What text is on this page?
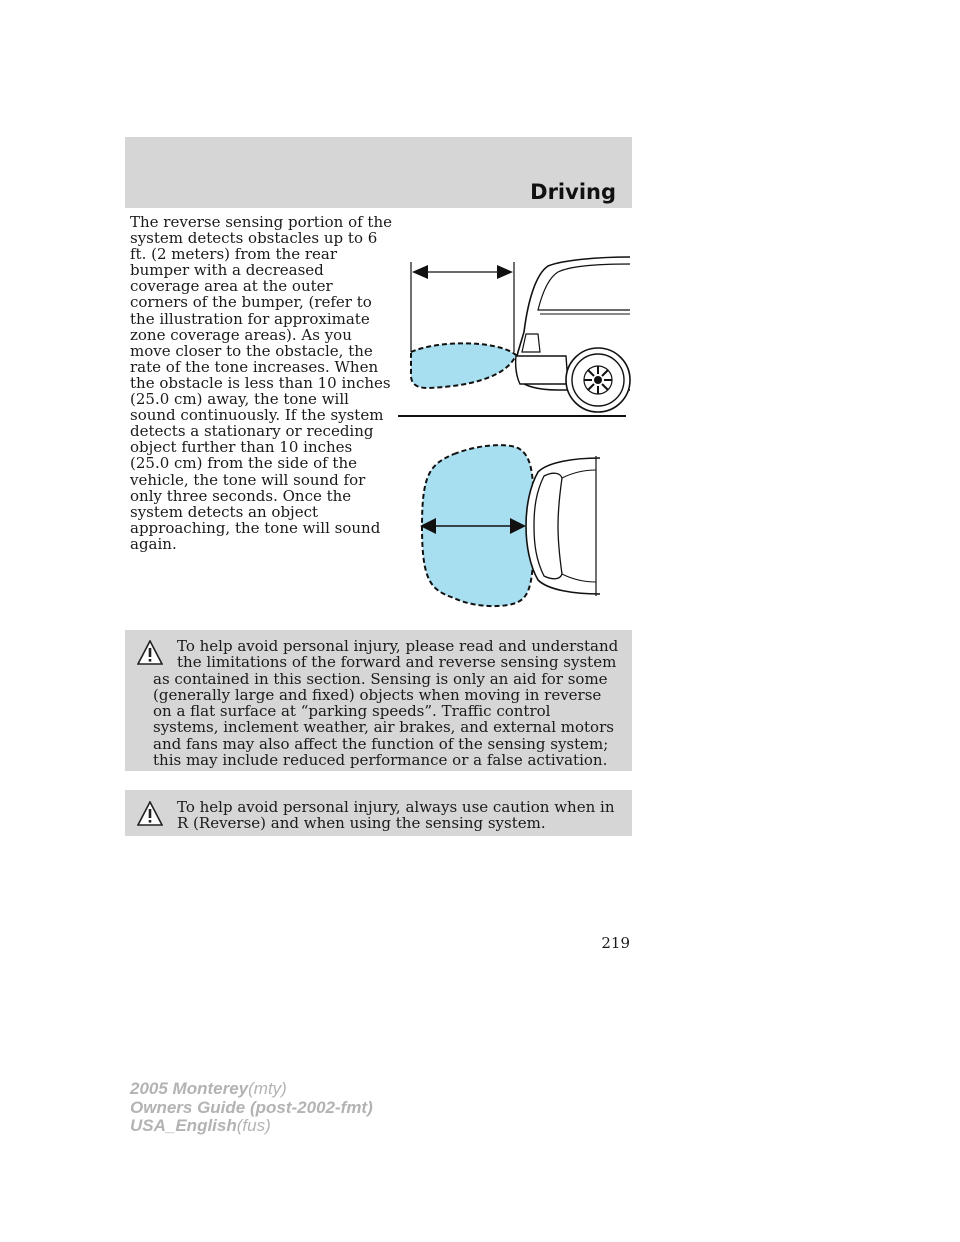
Driving

The reverse sensing portion of the system detects obstacles up to 6 ft. (2 meters) from the rear bumper with a decreased coverage area at the outer corners of the bumper, (refer to the illustration for approximate zone coverage areas). As you move closer to the obstacle, the rate of the tone increases. When the obstacle is less than 10 inches (25.0 cm) away, the tone will sound continuously. If the system detects a stationary or receding object further than 10 inches (25.0 cm) from the side of the vehicle, the tone will sound for only three seconds. Once the system detects an object approaching, the tone will sound again.

To help avoid personal injury, please read and understand the limitations of the forward and reverse sensing system as contained in this section. Sensing is only an aid for some (generally large and fixed) objects when moving in reverse on a flat surface at “parking speeds”. Traffic control systems, inclement weather, air brakes, and external motors and fans may also affect the function of the sensing system; this may include reduced performance or a false activation.

To help avoid personal injury, always use caution when in R (Reverse) and when using the sensing system.

219
2005 Monterey(mty)
Owners Guide (post-2002-fmt)
USA_English(fus)
